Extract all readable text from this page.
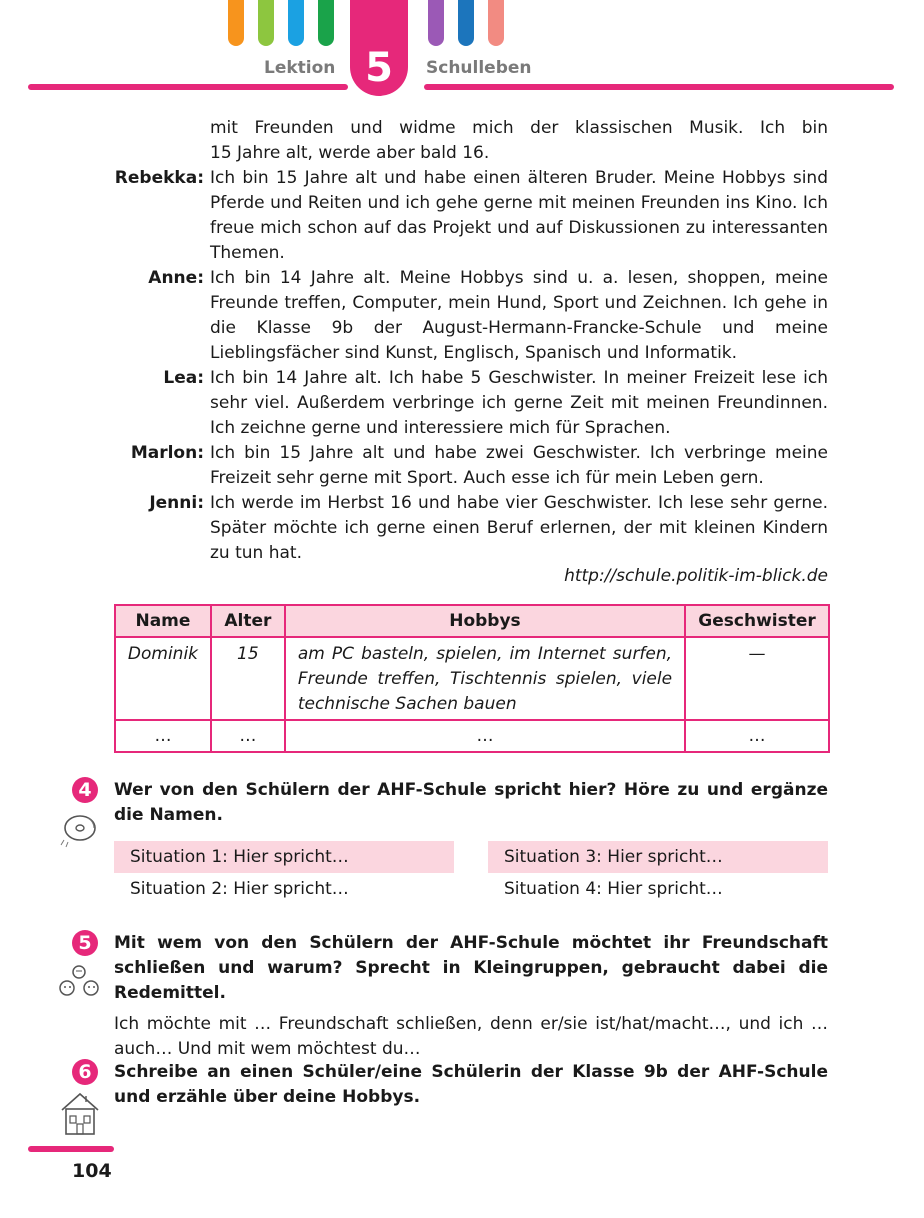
Lektion 5	Schulleben
mit Freunden und widme mich der klassischen Musik. Ich bin
15 Jahre alt, werde aber bald 16.
Rebekka: Ich bin 15 Jahre alt und habe einen älteren Bruder. Meine Hobbys sind Pferde und Reiten und ich gehe gerne mit meinen Freunden ins Kino. Ich freue mich schon auf das Projekt und auf Diskussionen zu interessanten Themen.
Anne: Ich bin 14 Jahre alt. Meine Hobbys sind u. a. lesen, shoppen, meine Freunde treffen, Computer, mein Hund, Sport und Zeichnen. Ich gehe in die Klasse 9b der August-Hermann-Francke-Schule und meine Lieblingsfächer sind Kunst, Englisch, Spanisch und Informatik.
Lea: Ich bin 14 Jahre alt. Ich habe 5 Geschwister. In meiner Freizeit lese ich sehr viel. Außerdem verbringe ich gerne Zeit mit meinen Freundinnen. Ich zeichne gerne und interessiere mich für Sprachen.
Marlon: Ich bin 15 Jahre alt und habe zwei Geschwister. Ich verbringe meine Freizeit sehr gerne mit Sport. Auch esse ich für mein Leben gern.
Jenni: Ich werde im Herbst 16 und habe vier Geschwister. Ich lese sehr gerne. Später möchte ich gerne einen Beruf erlernen, der mit kleinen Kindern zu tun hat.
http://schule.politik-im-blick.de
Name	Alter	Hobbys	Geschwister
Dominik	15	am PC basteln, spielen, im Internet surfen, Freunde treffen, Tischtennis spielen, viele technische Sachen bauen	—
…	…	…	…
4	Wer von den Schülern der AHF-Schule spricht hier? Höre zu und ergänze die Namen.
Situation 1: Hier spricht…
Situation 2: Hier spricht…
Situation 3: Hier spricht…
Situation 4: Hier spricht…
5	Mit wem von den Schülern der AHF-Schule möchtet ihr Freundschaft schließen und warum? Sprecht in Kleingruppen, gebraucht dabei die Redemittel.
Ich möchte mit … Freundschaft schließen, denn er/sie ist/hat/macht…, und ich … auch… Und mit wem möchtest du…
6	Schreibe an einen Schüler/eine Schülerin der Klasse 9b der AHF-Schule und erzähle über deine Hobbys.
104
